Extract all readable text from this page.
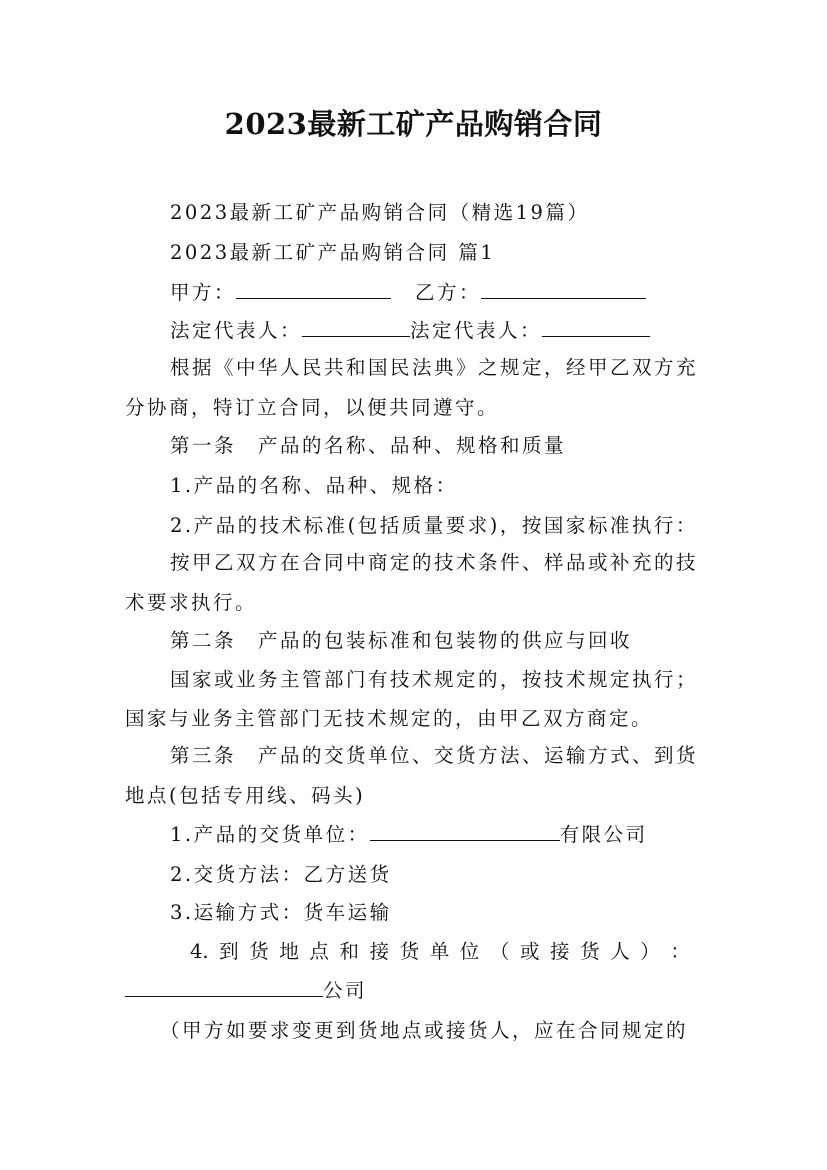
2023最新工矿产品购销合同
2023最新工矿产品购销合同（精选19篇）
2023最新工矿产品购销合同 篇1
甲方：	乙方：
法定代表人：	法定代表人：
根据《中华人民共和国民法典》之规定，经甲乙双方充
分协商，特订立合同，以便共同遵守。
第一条　产品的名称、品种、规格和质量
1.产品的名称、品种、规格：
2.产品的技术标准(包括质量要求)，按国家标准执行：
按甲乙双方在合同中商定的技术条件、样品或补充的技
术要求执行。
第二条　产品的包装标准和包装物的供应与回收
国家或业务主管部门有技术规定的，按技术规定执行；
国家与业务主管部门无技术规定的，由甲乙双方商定。
第三条　产品的交货单位、交货方法、运输方式、到货
地点(包括专用线、码头)
1.产品的交货单位：	有限公司
2.交货方法：乙方送货
3.运输方式：货车运输
4. 到 货 地 点 和 接 货 单 位 （ 或 接 货 人 ） ：
公司
（甲方如要求变更到货地点或接货人，应在合同规定的
